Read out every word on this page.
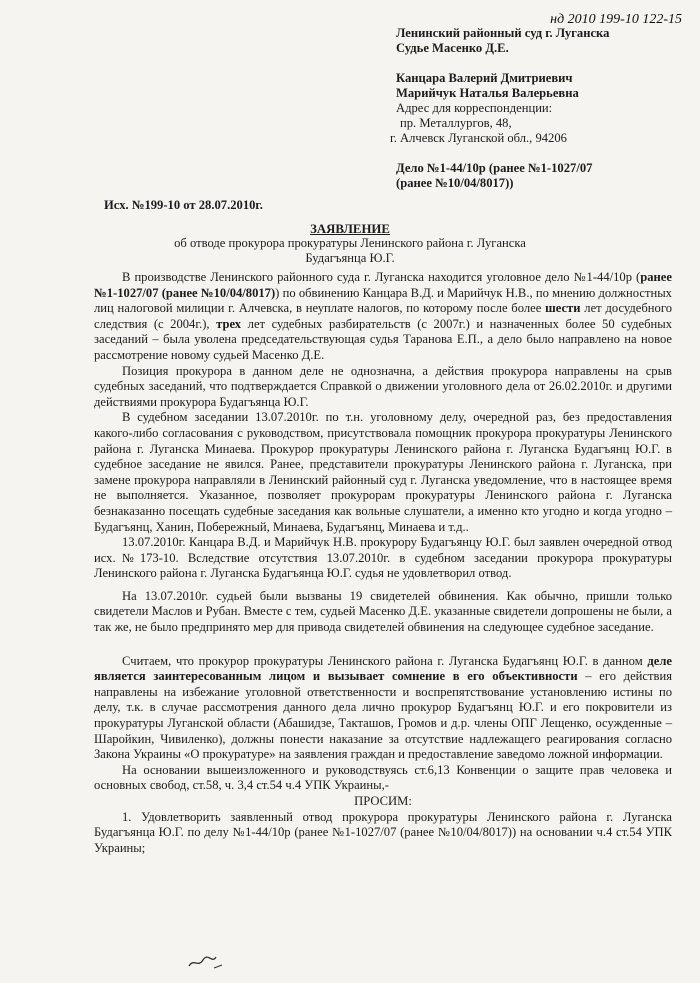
нд 2010 199-10 122-15
Ленинский районный суд г. Луганска
Судье Масенко Д.Е.
Канцара Валерий Дмитриевич
Марийчук Наталья Валерьевна
Адрес для корреспонденции:
пр. Металлургов, 48,
г. Алчевск Луганской обл., 94206
Дело №1-44/10р (ранее №1-1027/07
(ранее №10/04/8017))
Исх. №199-10 от 28.07.2010г.
ЗАЯВЛЕНИЕ
об отводе прокурора прокуратуры Ленинского района г. Луганска
Будагъянца Ю.Г.

В производстве Ленинского районного суда г. Луганска находится уголовное дело №1-44/10р (ранее №1-1027/07 (ранее №10/04/8017)) по обвинению Канцара В.Д. и Марийчук Н.В., по мнению должностных лиц налоговой милиции г. Алчевска, в неуплате налогов, по которому после более шести лет досудебного следствия (с 2004г.), трех лет судебных разбирательств (с 2007г.) и назначенных более 50 судебных заседаний – была уволена председательствующая судья Таранова Е.П., а дело было направлено на новое рассмотрение новому судьей Масенко Д.Е.

Позиция прокурора в данном деле не однозначна, а действия прокурора направлены на срыв судебных заседаний, что подтверждается Справкой о движении уголовного дела от 26.02.2010г. и другими действиями прокурора Будагъянца Ю.Г.

В судебном заседании 13.07.2010г. по т.н. уголовному делу, очередной раз, без предоставления какого-либо согласования с руководством, присутствовала помощник прокурора прокуратуры Ленинского района г. Луганска Минаева. Прокурор прокуратуры Ленинского района г. Луганска Будагъянц Ю.Г. в судебное заседание не явился. Ранее, представители прокуратуры Ленинского района г. Луганска, при замене прокурора направляли в Ленинский районный суд г. Луганска уведомление, что в настоящее время не выполняется. Указанное, позволяет прокурорам прокуратуры Ленинского района г. Луганска безнаказанно посещать судебные заседания как вольные слушатели, а именно кто угодно и когда угодно – Будагъянц, Ханин, Побережный, Минаева, Будагъянц, Минаева и т.д..

13.07.2010г. Канцара В.Д. и Марийчук Н.В. прокурору Будагъянцу Ю.Г. был заявлен очередной отвод исх.№173-10. Вследствие отсутствия 13.07.2010г. в судебном заседании прокурора прокуратуры Ленинского района г. Луганска Будагъянца Ю.Г. судья не удовлетворил отвод.

На 13.07.2010г. судьей были вызваны 19 свидетелей обвинения. Как обычно, пришли только свидетели Маслов и Рубан. Вместе с тем, судьей Масенко Д.Е. указанные свидетели допрошены не были, а так же, не было предпринято мер для привода свидетелей обвинения на следующее судебное заседание.

Считаем, что прокурор прокуратуры Ленинского района г. Луганска Будагъянц Ю.Г. в данном деле является заинтересованным лицом и вызывает сомнение в его объективности – его действия направлены на избежание уголовной ответственности и воспрепятствование установлению истины по делу, т.к. в случае рассмотрения данного дела лично прокурор Будагъянц Ю.Г. и его покровители из прокуратуры Луганской области (Абашидзе, Такташов, Громов и д.р. члены ОПГ Лещенко, осужденные – Шаройкин, Чивиленко), должны понести наказание за отсутствие надлежащего реагирования согласно Закона Украины «О прокуратуре» на заявления граждан и предоставление заведомо ложной информации.

На основании вышеизложенного и руководствуясь ст.6,13 Конвенции о защите прав человека и основных свобод, ст.58, ч. 3,4 ст.54 ч.4 УПК Украины,-

ПРОСИМ:

1. Удовлетворить заявленный отвод прокурора прокуратуры Ленинского района г. Луганска Будагъянца Ю.Г. по делу №1-44/10р (ранее №1-1027/07 (ранее №10/04/8017)) на основании ч.4 ст.54 УПК Украины;
